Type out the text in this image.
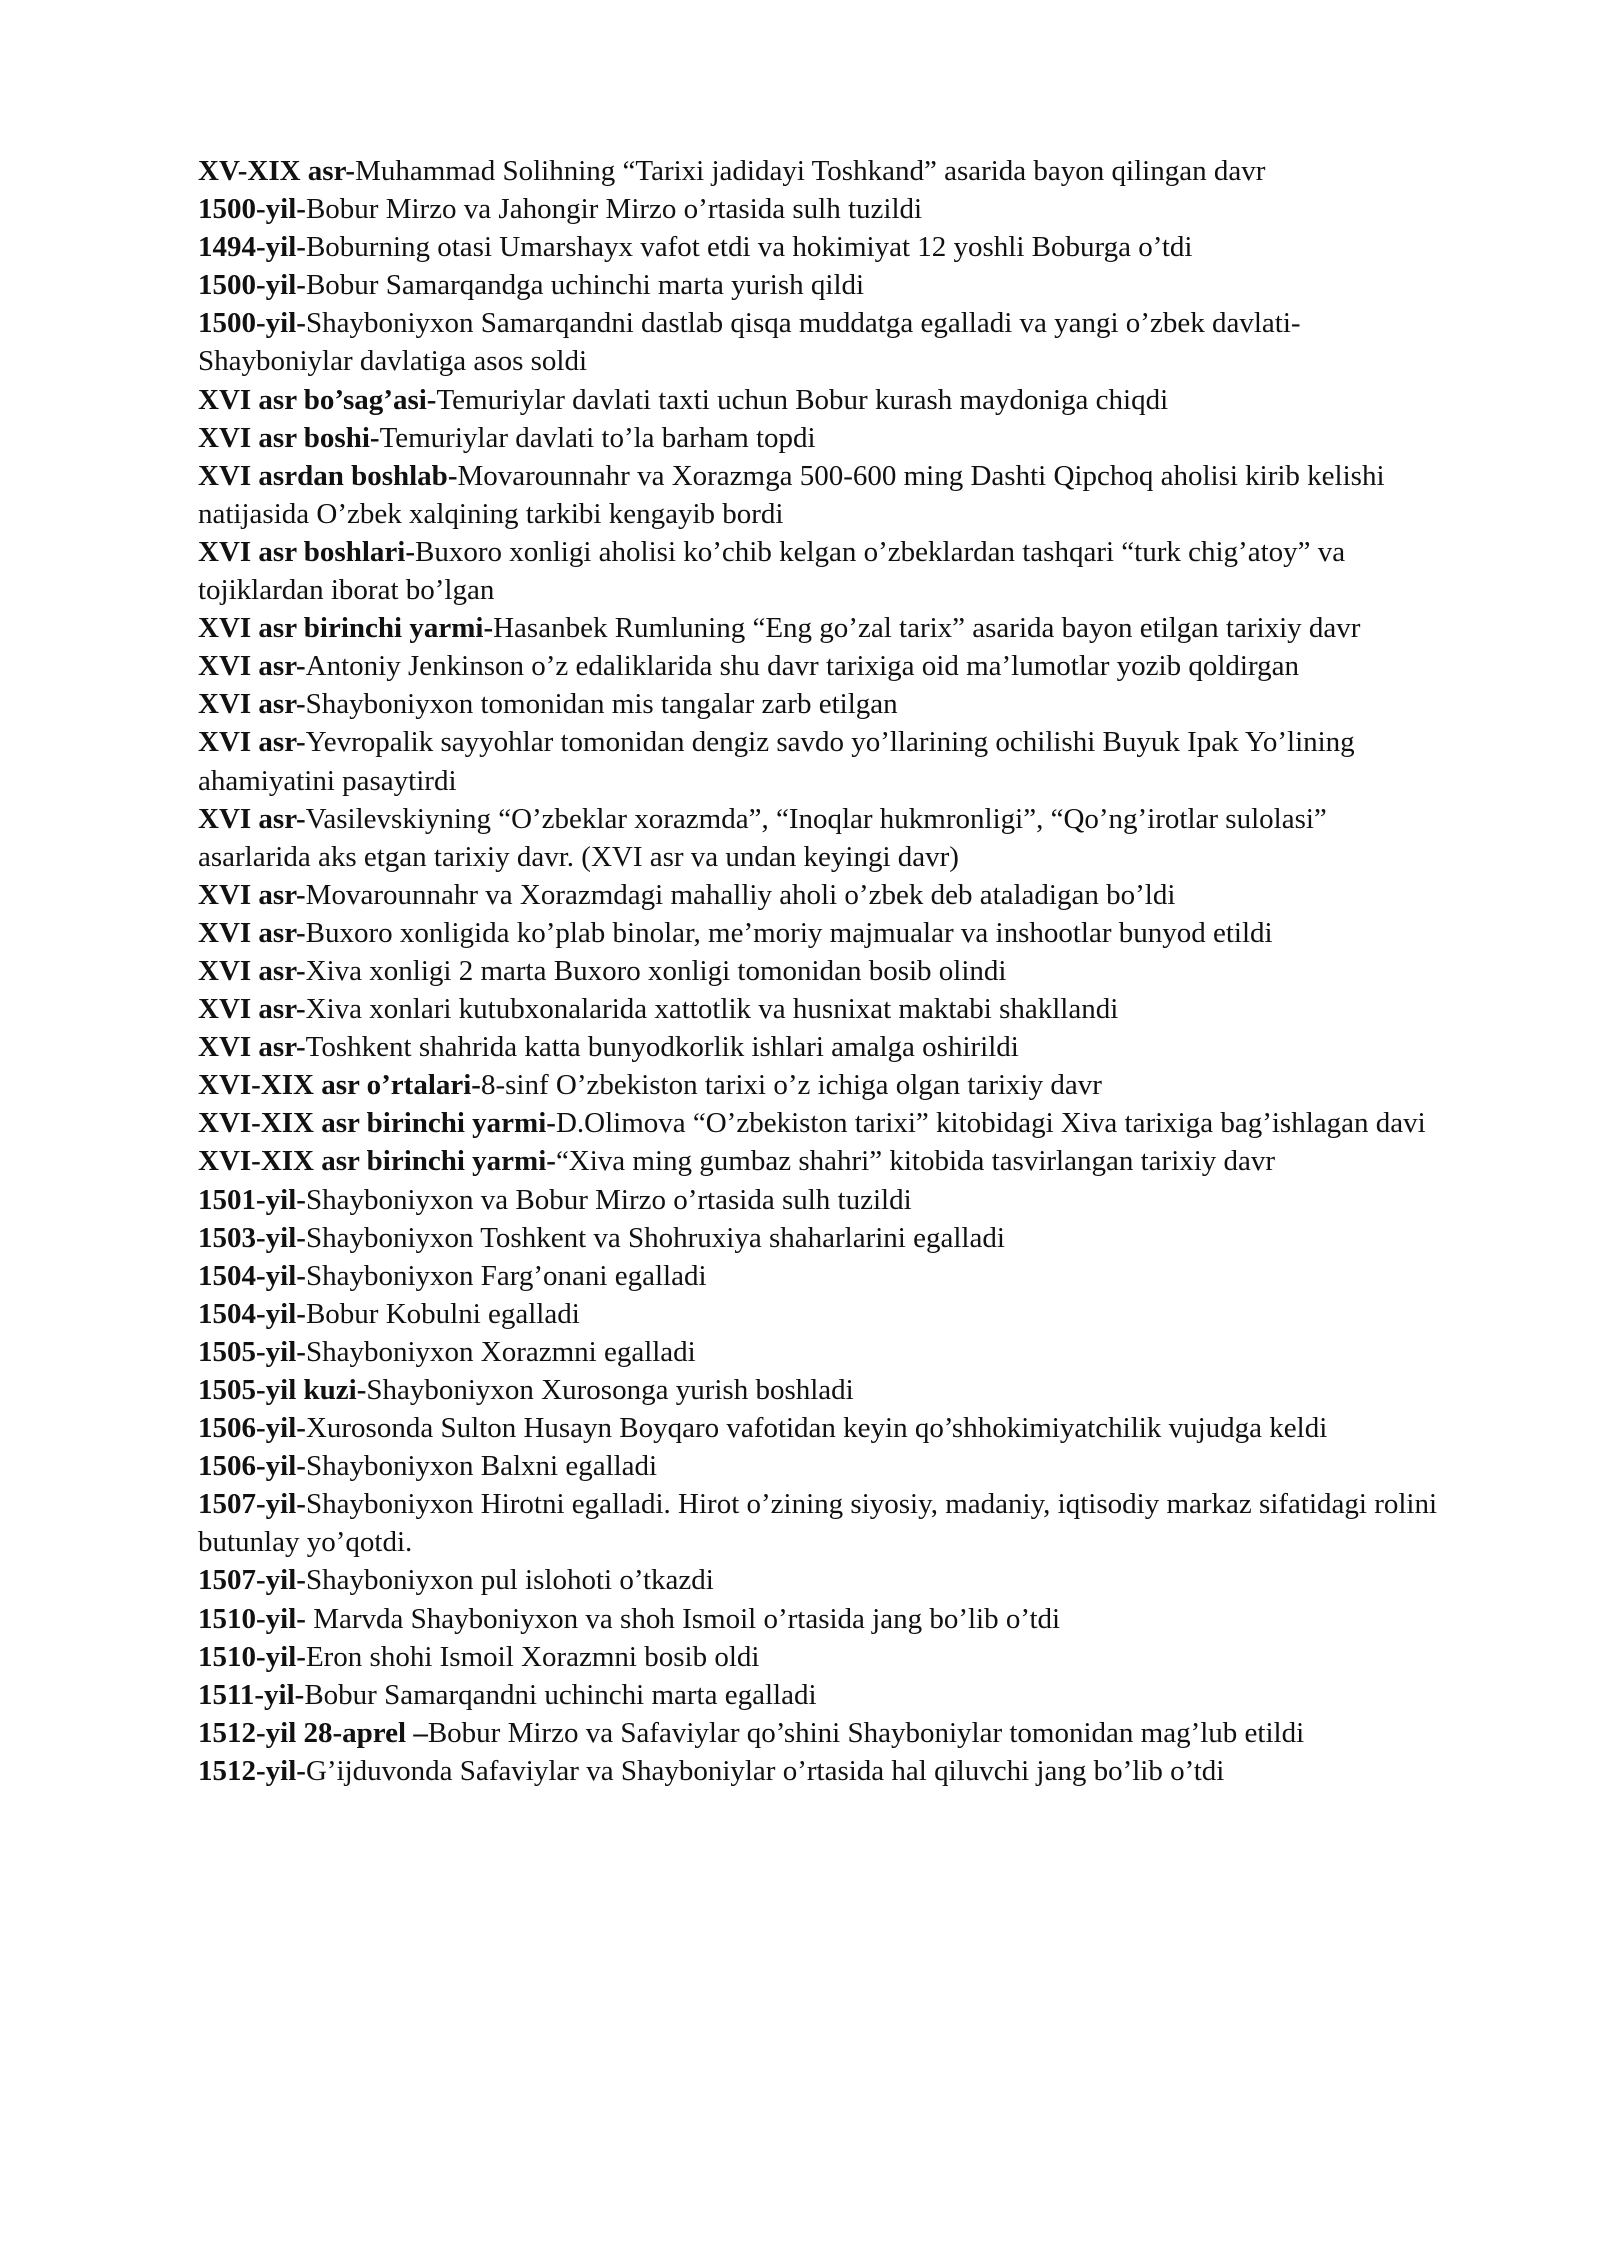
XV-XIX asr-Muhammad Solihning “Tarixi jadidayi Toshkand” asarida bayon qilingan davr

1500-yil-Bobur Mirzo va Jahongir Mirzo o’rtasida sulh tuzildi

1494-yil-Boburning otasi Umarshayx vafot etdi va hokimiyat 12 yoshli Boburga o’tdi

1500-yil-Bobur Samarqandga uchinchi marta yurish qildi

1500-yil-Shayboniyxon Samarqandni dastlab qisqa muddatga egalladi va yangi o’zbek davlati-Shayboniylar davlatiga asos soldi

XVI asr bo’sag’asi-Temuriylar davlati taxti uchun Bobur kurash maydoniga chiqdi

XVI asr boshi-Temuriylar davlati to’la barham topdi

XVI asrdan boshlab-Movarounnahr va Xorazmga 500-600 ming Dashti Qipchoq aholisi kirib kelishi natijasida O’zbek xalqining tarkibi kengayib bordi

XVI asr boshlari-Buxoro xonligi aholisi ko’chib kelgan o’zbeklardan tashqari “turk chig’atoy” va tojiklardan iborat bo’lgan

XVI asr birinchi yarmi-Hasanbek Rumluning “Eng go’zal tarix” asarida bayon etilgan tarixiy davr

XVI asr-Antoniy Jenkinson o’z edaliklarida shu davr tarixiga oid ma’lumotlar yozib qoldirgan

XVI asr-Shayboniyxon tomonidan mis tangalar zarb etilgan

XVI asr-Yevropalik sayyohlar tomonidan dengiz savdo yo’llarining ochilishi Buyuk Ipak Yo’lining ahamiyatini pasaytirdi

XVI asr-Vasilevskiyning “O’zbeklar xorazmda”, “Inoqlar hukmronligi”, “Qo’ng’irotlar sulolasi” asarlarida aks etgan tarixiy davr. (XVI asr va undan keyingi davr)

XVI asr-Movarounnahr va Xorazmdagi mahalliy aholi o’zbek deb ataladigan bo’ldi

XVI asr-Buxoro xonligida ko’plab binolar, me’moriy majmualar va inshootlar bunyod etildi

XVI asr-Xiva xonligi 2 marta Buxoro xonligi tomonidan bosib olindi

XVI asr-Xiva xonlari kutubxonalarida xattotlik va husnixat maktabi shakllandi

XVI asr-Toshkent shahrida katta bunyodkorlik ishlari amalga oshirildi

XVI-XIX asr o’rtalari-8-sinf O’zbekiston tarixi o’z ichiga olgan tarixiy davr

XVI-XIX asr birinchi yarmi-D.Olimova “O’zbekiston tarixi” kitobidagi Xiva tarixiga bag’ishlagan davi

XVI-XIX asr birinchi yarmi-“Xiva ming gumbaz shahri” kitobida tasvirlangan tarixiy davr

1501-yil-Shayboniyxon va Bobur Mirzo o’rtasida sulh tuzildi

1503-yil-Shayboniyxon Toshkent va Shohruxiya shaharlarini egalladi

1504-yil-Shayboniyxon Farg’onani egalladi

1504-yil-Bobur Kobulni egalladi

1505-yil-Shayboniyxon Xorazmni egalladi

1505-yil kuzi-Shayboniyxon Xurosonga yurish boshladi

1506-yil-Xurosonda Sulton Husayn Boyqaro vafotidan keyin qo’shhokimiyatchilik vujudga keldi

1506-yil-Shayboniyxon Balxni egalladi

1507-yil-Shayboniyxon Hirotni egalladi. Hirot o’zining siyosiy, madaniy, iqtisodiy markaz sifatidagi rolini butunlay yo’qotdi.

1507-yil-Shayboniyxon pul islohoti o’tkazdi

1510-yil- Marvda Shayboniyxon va shoh Ismoil o’rtasida jang bo’lib o’tdi

1510-yil-Eron shohi Ismoil Xorazmni bosib oldi

1511-yil-Bobur Samarqandni uchinchi marta egalladi

1512-yil 28-aprel –Bobur Mirzo va Safaviylar qo’shini Shayboniylar tomonidan mag’lub etildi

1512-yil-G’ijduvonda Safaviylar va Shayboniylar o’rtasida hal qiluvchi jang bo’lib o’tdi
